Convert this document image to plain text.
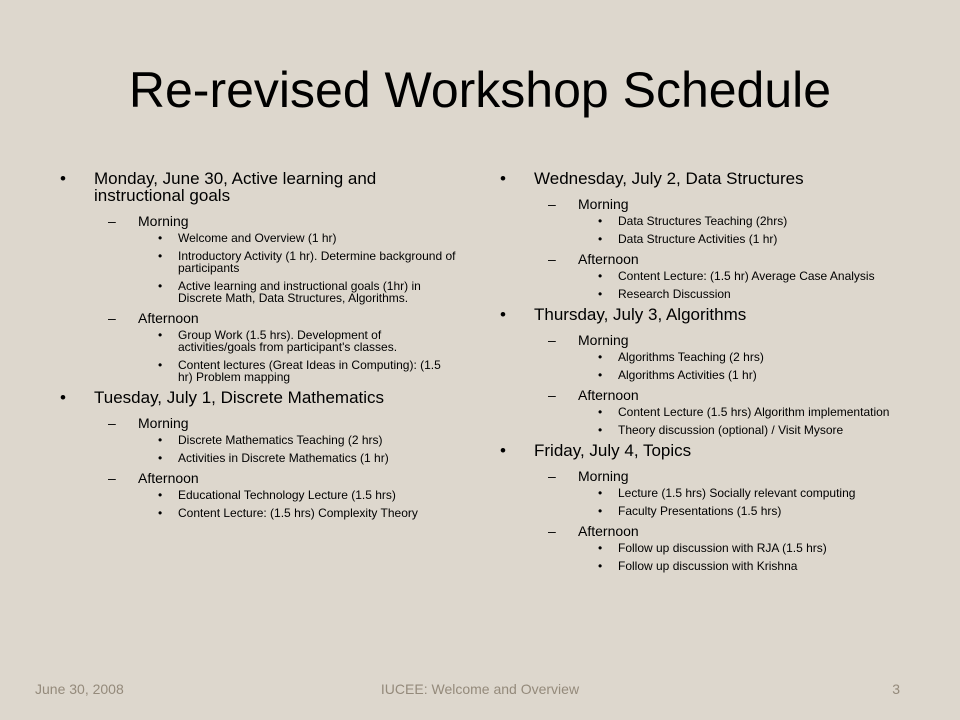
Re-revised Workshop Schedule
• Monday, June 30, Active learning and instructional goals
– Morning
• Welcome and Overview (1 hr)
• Introductory Activity (1 hr). Determine background of participants
• Active learning and instructional goals (1hr) in Discrete Math, Data Structures, Algorithms.
– Afternoon
• Group Work (1.5 hrs). Development of activities/goals from participant's classes.
• Content lectures (Great Ideas in Computing): (1.5 hr) Problem mapping
• Tuesday, July 1, Discrete Mathematics
– Morning
• Discrete Mathematics Teaching (2 hrs)
• Activities in Discrete Mathematics (1 hr)
– Afternoon
• Educational Technology Lecture (1.5 hrs)
• Content Lecture: (1.5 hrs) Complexity Theory
• Wednesday, July 2, Data Structures
– Morning
• Data Structures Teaching (2hrs)
• Data Structure Activities (1 hr)
– Afternoon
• Content Lecture: (1.5 hr) Average Case Analysis
• Research Discussion
• Thursday, July 3, Algorithms
– Morning
• Algorithms Teaching (2 hrs)
• Algorithms Activities (1 hr)
– Afternoon
• Content Lecture (1.5 hrs) Algorithm implementation
• Theory discussion (optional) / Visit Mysore
• Friday, July 4, Topics
– Morning
• Lecture (1.5 hrs) Socially relevant computing
• Faculty Presentations (1.5 hrs)
– Afternoon
• Follow up discussion with RJA (1.5 hrs)
• Follow up discussion with Krishna
June 30, 2008	IUCEE: Welcome and Overview	3
